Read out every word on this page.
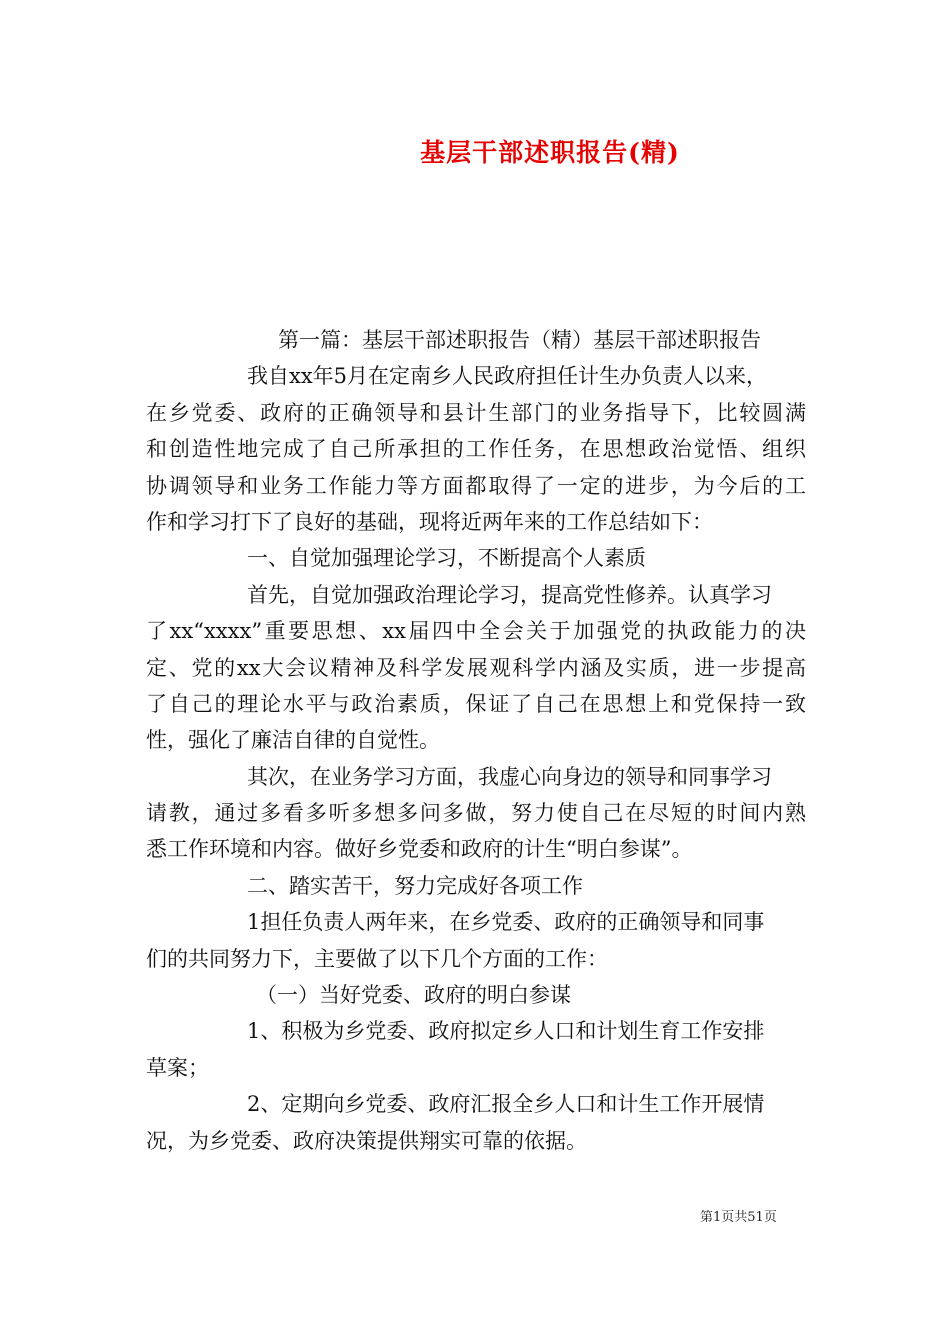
基层干部述职报告(精)
第一篇：基层干部述职报告（精）基层干部述职报告
我自xx年5月在定南乡人民政府担任计生办负责人以来，
在乡党委、政府的正确领导和县计生部门的业务指导下，比较圆满
和创造性地完成了自己所承担的工作任务，在思想政治觉悟、组织
协调领导和业务工作能力等方面都取得了一定的进步，为今后的工
作和学习打下了良好的基础，现将近两年来的工作总结如下：
一、自觉加强理论学习，不断提高个人素质
首先，自觉加强政治理论学习，提高党性修养。认真学习
了xx“xxxx”重要思想、xx届四中全会关于加强党的执政能力的决
定、党的xx大会议精神及科学发展观科学内涵及实质，进一步提高
了自己的理论水平与政治素质，保证了自己在思想上和党保持一致
性，强化了廉洁自律的自觉性。
其次，在业务学习方面，我虚心向身边的领导和同事学习
请教，通过多看多听多想多问多做，努力使自己在尽短的时间内熟
悉工作环境和内容。做好乡党委和政府的计生“明白参谋”。
二、踏实苦干，努力完成好各项工作
1担任负责人两年来，在乡党委、政府的正确领导和同事
们的共同努力下，主要做了以下几个方面的工作：
（一）当好党委、政府的明白参谋
1、积极为乡党委、政府拟定乡人口和计划生育工作安排
草案；
2、定期向乡党委、政府汇报全乡人口和计生工作开展情
况，为乡党委、政府决策提供翔实可靠的依据。
第1页共51页
